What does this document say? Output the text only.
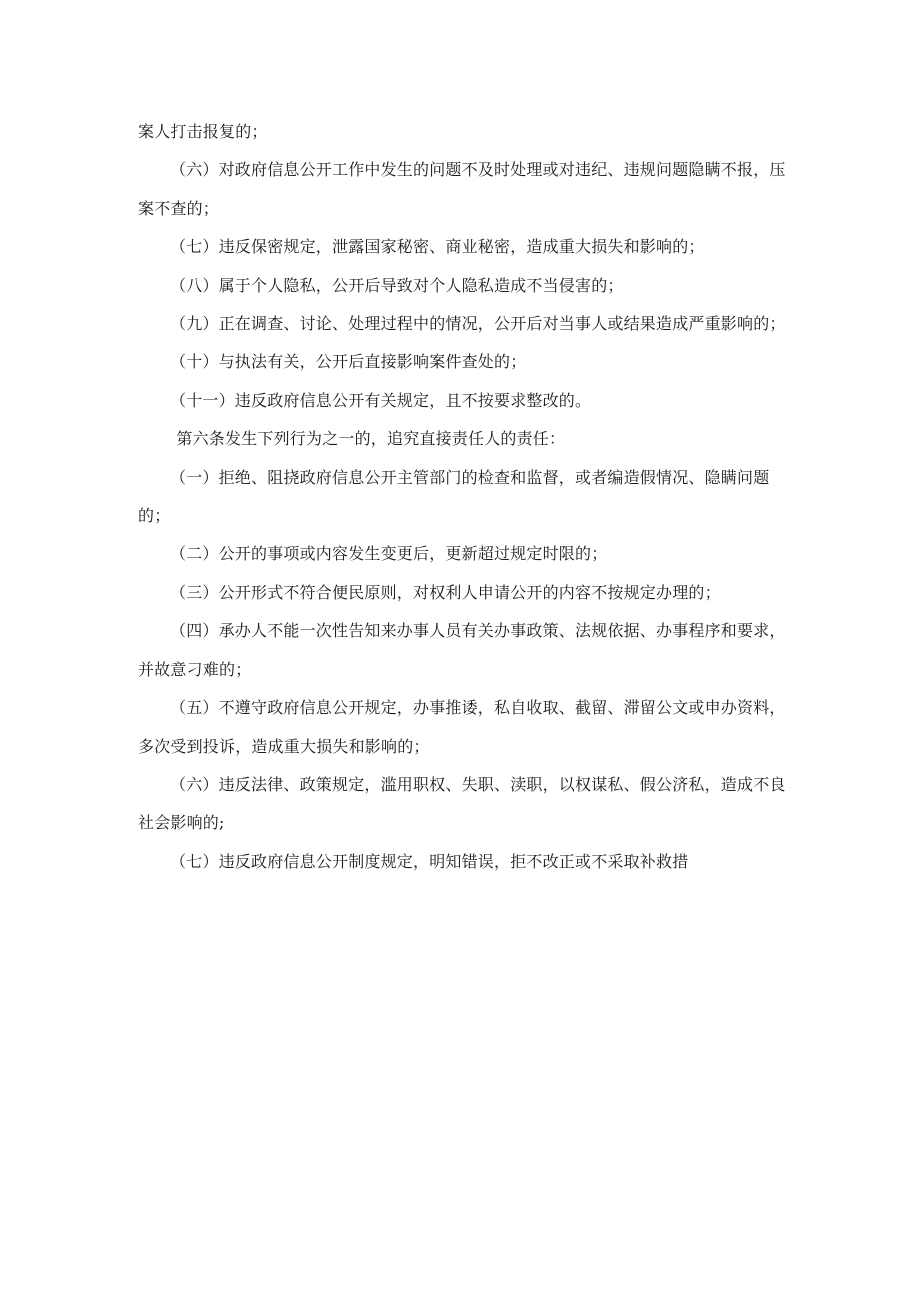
案人打击报复的；

（六）对政府信息公开工作中发生的问题不及时处理或对违纪、违规问题隐瞒不报，压案不查的；

（七）违反保密规定，泄露国家秘密、商业秘密，造成重大损失和影响的；

（八）属于个人隐私，公开后导致对个人隐私造成不当侵害的；

（九）正在调查、讨论、处理过程中的情况，公开后对当事人或结果造成严重影响的；

（十）与执法有关，公开后直接影响案件查处的；

（十一）违反政府信息公开有关规定，且不按要求整改的。

第六条发生下列行为之一的，追究直接责任人的责任：

（一）拒绝、阻挠政府信息公开主管部门的检查和监督，或者编造假情况、隐瞒问题的；

（二）公开的事项或内容发生变更后，更新超过规定时限的；

（三）公开形式不符合便民原则，对权利人申请公开的内容不按规定办理的；

（四）承办人不能一次性告知来办事人员有关办事政策、法规依据、办事程序和要求，并故意刁难的；

（五）不遵守政府信息公开规定，办事推诿，私自收取、截留、滞留公文或申办资料，多次受到投诉，造成重大损失和影响的；

（六）违反法律、政策规定，滥用职权、失职、渎职，以权谋私、假公济私，造成不良社会影响的;

（七）违反政府信息公开制度规定，明知错误，拒不改正或不采取补救措
